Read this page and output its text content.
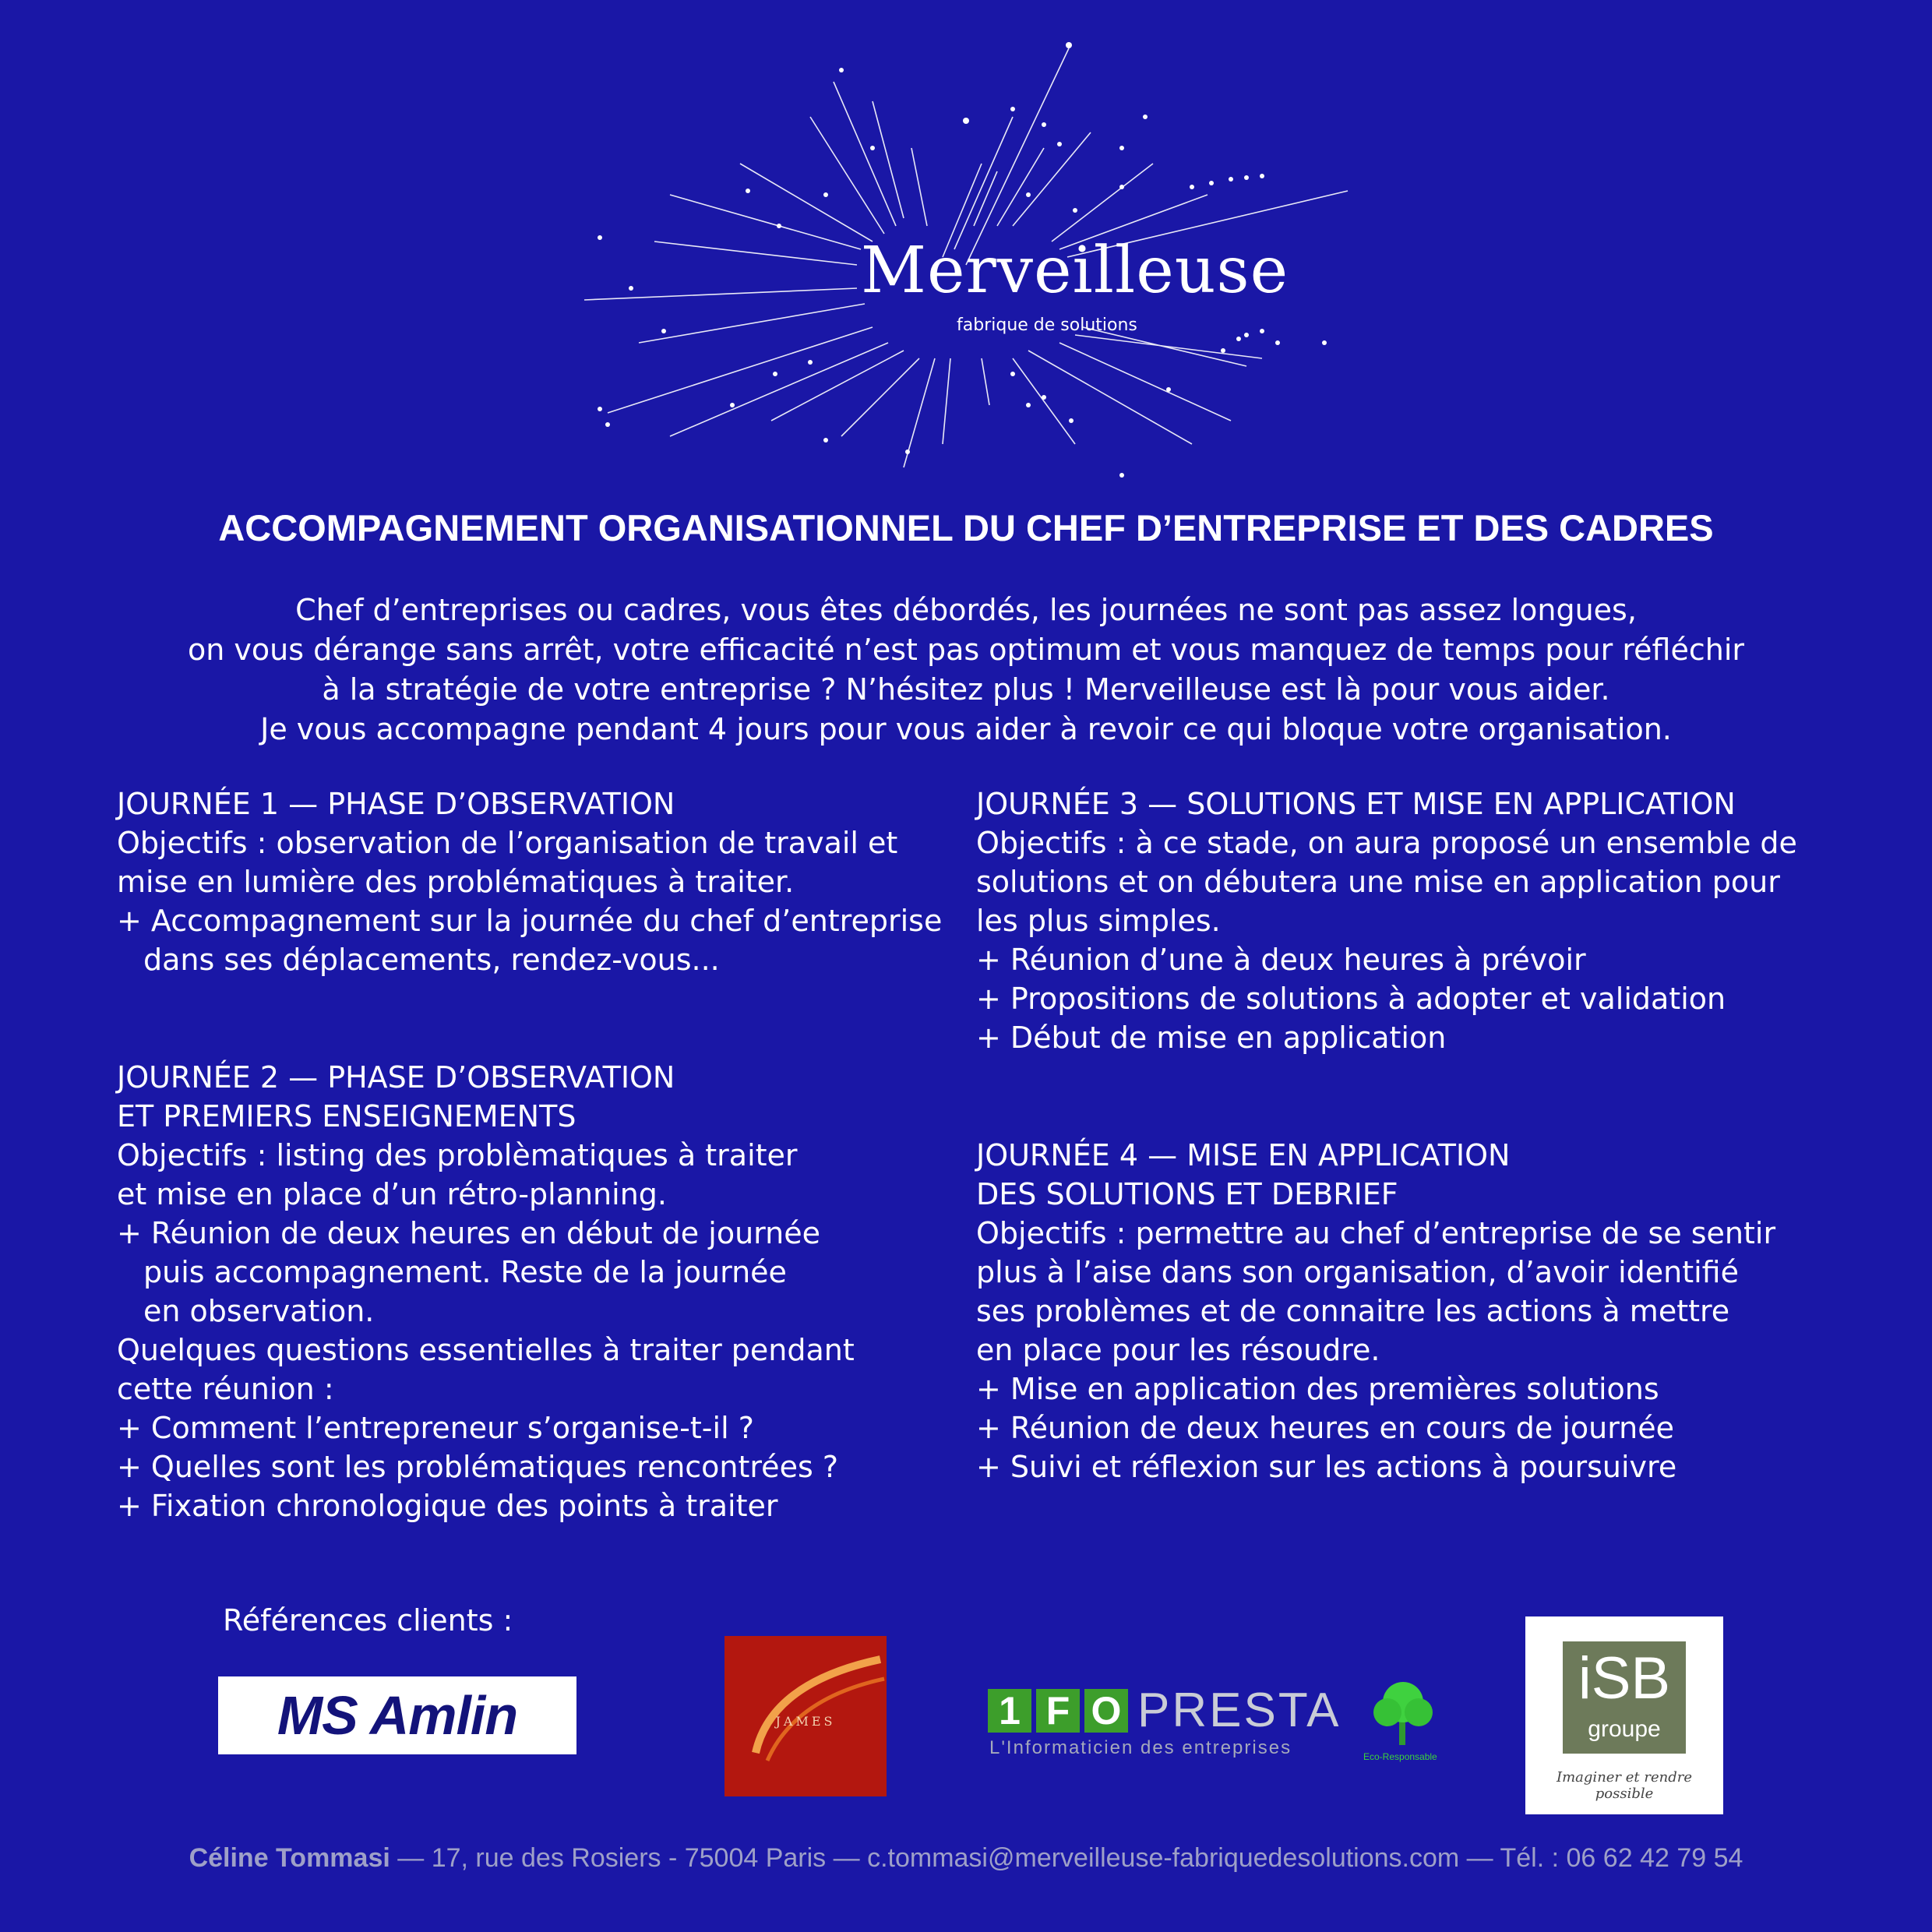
Merveilleuse
fabrique de solutions
ACCOMPAGNEMENT ORGANISATIONNEL DU CHEF D’ENTREPRISE ET DES CADRES
Chef d’entreprises ou cadres, vous êtes débordés, les journées ne sont pas assez longues,
on vous dérange sans arrêt, votre efficacité n’est pas optimum et vous manquez de temps pour réfléchir
à la stratégie de votre entreprise ? N’hésitez plus ! Merveilleuse est là pour vous aider.
Je vous accompagne pendant 4 jours pour vous aider à revoir ce qui bloque votre organisation.
JOURNÉE 1 — PHASE D’OBSERVATION
Objectifs : observation de l’organisation de travail et
mise en lumière des problématiques à traiter.
+ Accompagnement sur la journée du chef d’entreprise
dans ses déplacements, rendez-vous...
JOURNÉE 2 — PHASE D’OBSERVATION
ET PREMIERS ENSEIGNEMENTS
Objectifs : listing des problèmatiques à traiter
et mise en place d’un rétro-planning.
+ Réunion de deux heures en début de journée
puis accompagnement. Reste de la journée
en observation.
Quelques questions essentielles à traiter pendant
cette réunion :
+ Comment l’entrepreneur s’organise-t-il ?
+ Quelles sont les problématiques rencontrées ?
+ Fixation chronologique des points à traiter
JOURNÉE 3 — SOLUTIONS ET MISE EN APPLICATION
Objectifs : à ce stade, on aura proposé un ensemble de
solutions et on débutera une mise en application pour
les plus simples.
+ Réunion d’une à deux heures à prévoir
+ Propositions de solutions à adopter et validation
+ Début de mise en application
JOURNÉE 4 — MISE EN APPLICATION
DES SOLUTIONS ET DEBRIEF
Objectifs : permettre au chef d’entreprise de se sentir
plus à l’aise dans son organisation, d’avoir identifié
ses problèmes et de connaitre les actions à mettre
en place pour les résoudre.
+ Mise en application des premières solutions
+ Réunion de deux heures en cours de journée
+ Suivi et réflexion sur les actions à poursuivre
Références clients :
MS Amlin	JAMES	1 F O PRESTA
L'Informaticien des entreprises	Eco-Responsable
iSB
groupe
Imaginer et rendre possible
Céline Tommasi — 17, rue des Rosiers - 75004 Paris — c.tommasi@merveilleuse-fabriquedesolutions.com — Tél. : 06 62 42 79 54
